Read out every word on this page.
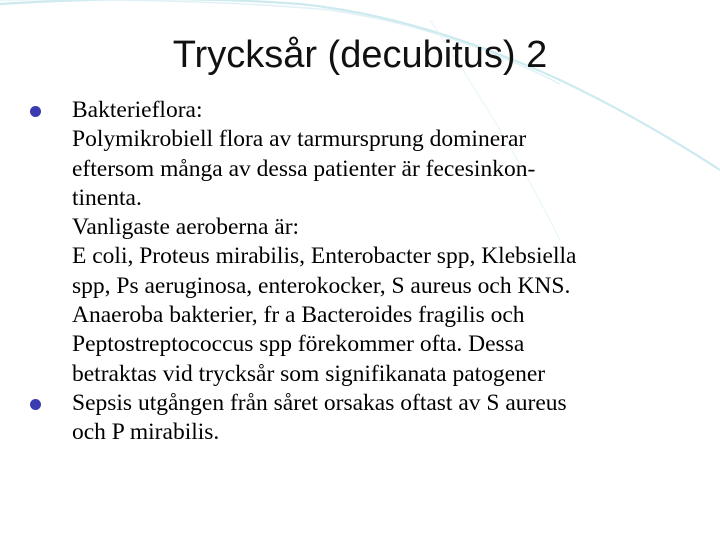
Trycksår (decubitus) 2
Bakterieflora:
Polymikrobiell flora av tarmursprung dominerar
eftersom många av dessa patienter är fecesinkon-
tinenta.
Vanligaste aeroberna är:
E coli, Proteus mirabilis, Enterobacter spp, Klebsiella
spp, Ps aeruginosa, enterokocker, S aureus och KNS.
Anaeroba bakterier, fr a Bacteroides fragilis och
Peptostreptococcus spp förekommer ofta. Dessa
betraktas vid trycksår som signifikanata patogener
Sepsis utgången från såret orsakas oftast av S aureus
och P mirabilis.
